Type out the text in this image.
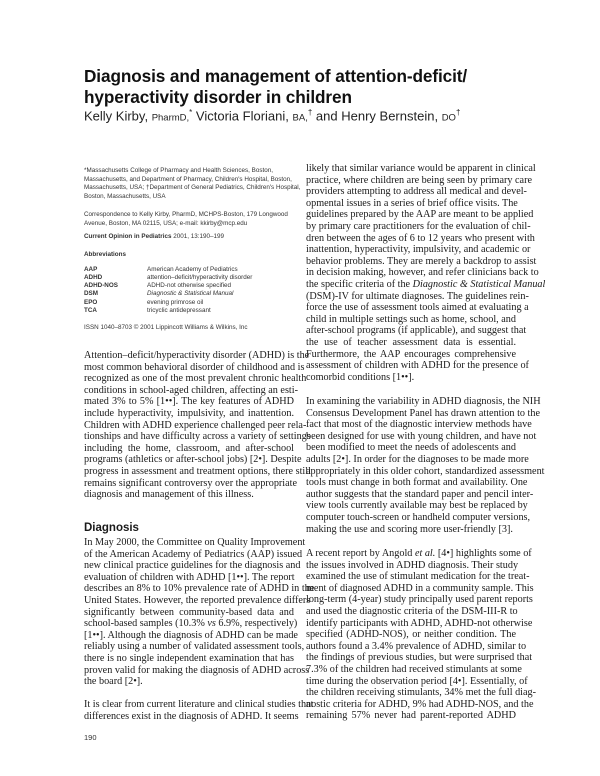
Diagnosis and management of attention-deficit/
hyperactivity disorder in children
Kelly Kirby, PharmD,* Victoria Floriani, BA,† and Henry Bernstein, DO†
*Massachusetts College of Pharmacy and Health Sciences, Boston,
Massachusetts, and Department of Pharmacy, Children's Hospital, Boston,
Massachusetts, USA; †Department of General Pediatrics, Children's Hospital,
Boston, Massachusetts, USA
Correspondence to Kelly Kirby, PharmD, MCHPS-Boston, 179 Longwood
Avenue, Boston, MA 02115, USA; e-mail: kkirby@mcp.edu
Current Opinion in Pediatrics 2001, 13:190–199
Abbreviations
AAP	American Academy of Pediatrics
ADHD	attention–deficit/hyperactivity disorder
ADHD-NOS	ADHD-not otherwise specified
DSM	Diagnostic & Statistical Manual
EPO	evening primrose oil
TCA	tricyclic antidepressant
ISSN 1040–8703 © 2001 Lippincott Williams & Wilkins, Inc
Attention–deficit/hyperactivity disorder (ADHD) is the
most common behavioral disorder of childhood and is
recognized as one of the most prevalent chronic health
conditions in school-aged children, affecting an esti-
mated 3% to 5% [1••]. The key features of ADHD
include hyperactivity, impulsivity, and inattention.
Children with ADHD experience challenged peer rela-
tionships and have difficulty across a variety of settings
including the home, classroom, and after-school
programs (athletics or after-school jobs) [2•]. Despite
progress in assessment and treatment options, there still
remains significant controversy over the appropriate
diagnosis and management of this illness.
Diagnosis
In May 2000, the Committee on Quality Improvement
of the American Academy of Pediatrics (AAP) issued
new clinical practice guidelines for the diagnosis and
evaluation of children with ADHD [1••]. The report
describes an 8% to 10% prevalence rate of ADHD in the
United States. However, the reported prevalence differs
significantly between community-based data and
school-based samples (10.3% vs 6.9%, respectively)
[1••]. Although the diagnosis of ADHD can be made
reliably using a number of validated assessment tools,
there is no single independent examination that has
proven valid for making the diagnosis of ADHD across
the board [2•].
It is clear from current literature and clinical studies that
differences exist in the diagnosis of ADHD. It seems
likely that similar variance would be apparent in clinical
practice, where children are being seen by primary care
providers attempting to address all medical and devel-
opmental issues in a series of brief office visits. The
guidelines prepared by the AAP are meant to be applied
by primary care practitioners for the evaluation of chil-
dren between the ages of 6 to 12 years who present with
inattention, hyperactivity, impulsivity, and academic or
behavior problems. They are merely a backdrop to assist
in decision making, however, and refer clinicians back to
the specific criteria of the Diagnostic & Statistical Manual
(DSM)-IV for ultimate diagnoses. The guidelines rein-
force the use of assessment tools aimed at evaluating a
child in multiple settings such as home, school, and
after-school programs (if applicable), and suggest that
the use of teacher assessment data is essential.
Furthermore, the AAP encourages comprehensive
assessment of children with ADHD for the presence of
comorbid conditions [1••].
In examining the variability in ADHD diagnosis, the NIH
Consensus Development Panel has drawn attention to the
fact that most of the diagnostic interview methods have
been designed for use with young children, and have not
been modified to meet the needs of adolescents and
adults [2•]. In order for the diagnoses to be made more
appropriately in this older cohort, standardized assessment
tools must change in both format and availability. One
author suggests that the standard paper and pencil inter-
view tools currently available may best be replaced by
computer touch-screen or handheld computer versions,
making the use and scoring more user-friendly [3].
A recent report by Angold et al. [4•] highlights some of
the issues involved in ADHD diagnosis. Their study
examined the use of stimulant medication for the treat-
ment of diagnosed ADHD in a community sample. This
long-term (4-year) study principally used parent reports
and used the diagnostic criteria of the DSM-III-R to
identify participants with ADHD, ADHD-not otherwise
specified (ADHD-NOS), or neither condition. The
authors found a 3.4% prevalence of ADHD, similar to
the findings of previous studies, but were surprised that
7.3% of the children had received stimulants at some
time during the observation period [4•]. Essentially, of
the children receiving stimulants, 34% met the full diag-
nostic criteria for ADHD, 9% had ADHD-NOS, and the
remaining 57% never had parent-reported ADHD
190
